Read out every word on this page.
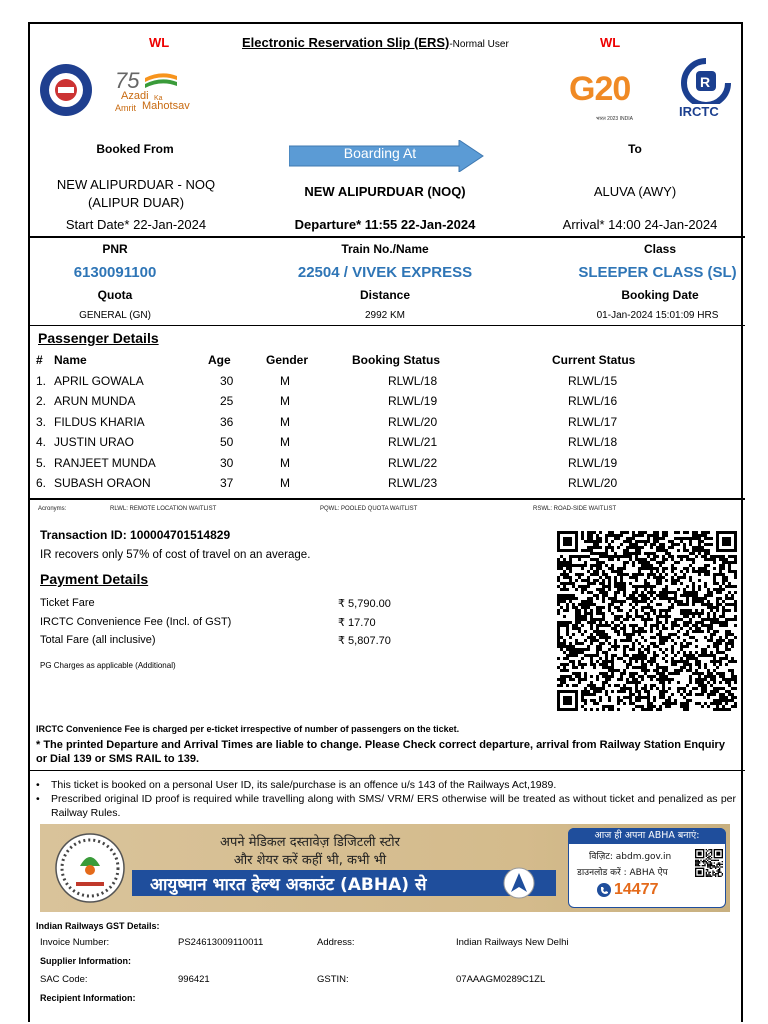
WL	Electronic Reservation Slip (ERS)-Normal User	WL
75
Azadi Ka
Amrit Mahotsav	G20
भारत 2023 INDIA
R
IRCTC
Booked From	Boarding At	To
NEW ALIPURDUAR - NOQ (ALIPUR DUAR)
NEW ALIPURDUAR (NOQ)	ALUVA (AWY)
Start Date* 22-Jan-2024	Departure* 11:55 22-Jan-2024	Arrival* 14:00 24-Jan-2024
PNR	Train No./Name	Class
6130091100	22504 / VIVEK EXPRESS	SLEEPER CLASS (SL)
Quota	Distance	Booking Date
GENERAL (GN)	2992 KM	01-Jan-2024 15:01:09 HRS
Passenger Details
#	Name	Age	Gender	Booking Status	Current Status
1.	APRIL GOWALA	30	M	RLWL/18	RLWL/15
2.	ARUN MUNDA	25	M	RLWL/19	RLWL/16
3.	FILDUS KHARIA	36	M	RLWL/20	RLWL/17
4.	JUSTIN URAO	50	M	RLWL/21	RLWL/18
5.	RANJEET MUNDA	30	M	RLWL/22	RLWL/19
6.	SUBASH ORAON	37	M	RLWL/23	RLWL/20
Acronyms:	RLWL: REMOTE LOCATION WAITLIST	PQWL: POOLED QUOTA WAITLIST	RSWL: ROAD-SIDE WAITLIST
Transaction ID: 100004701514829
IR recovers only 57% of cost of travel on an average.
Payment Details
Ticket Fare	₹ 5,790.00
IRCTC Convenience Fee (Incl. of GST)	₹ 17.70
Total Fare (all inclusive)	₹ 5,807.70
PG Charges as applicable (Additional)
IRCTC Convenience Fee is charged per e-ticket irrespective of number of passengers on the ticket.
* The printed Departure and Arrival Times are liable to change. Please Check correct departure, arrival from Railway Station Enquiry or Dial 139 or SMS RAIL to 139.
•	This ticket is booked on a personal User ID, its sale/purchase is an offence u/s 143 of the Railways Act,1989.
•	Prescribed original ID proof is required while travelling along with SMS/ VRM/ ERS otherwise will be treated as without ticket and penalized as per Railway Rules.
अपने मेडिकल दस्तावेज़ डिजिटली स्टोर
और शेयर करें कहीं भी, कभी भी
आयुष्मान भारत हेल्थ अकाउंट (ABHA) से
आज ही अपना ABHA बनाएं:
विज़िट: abdm.gov.in
डाउनलोड करें : ABHA ऐप
14477
Indian Railways GST Details:
Invoice Number:	PS24613009110011	Address:	Indian Railways New Delhi
Supplier Information:
SAC Code:	996421	GSTIN:	07AAAGM0289C1ZL
Recipient Information:
